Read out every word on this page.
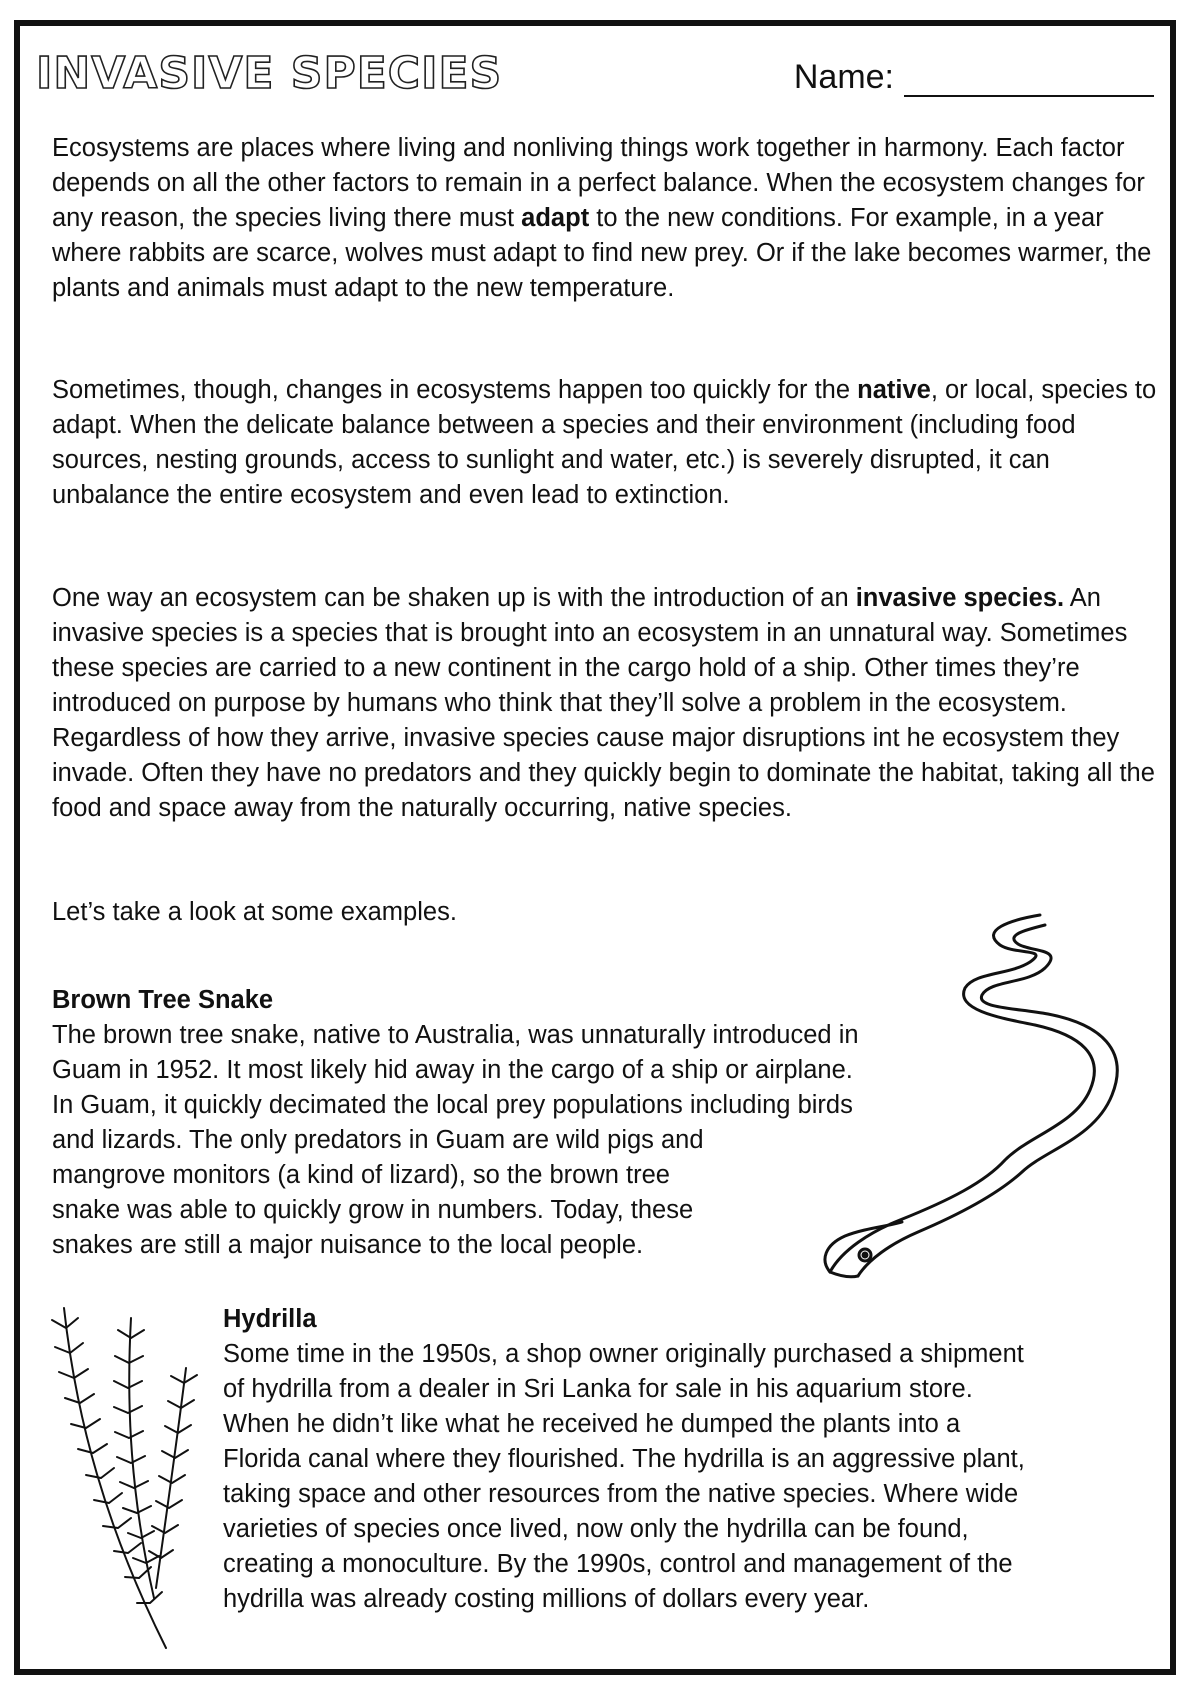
INVASIVE SPECIES	Name:

Ecosystems are places where living and nonliving things work together in harmony. Each factor depends on all the other factors to remain in a perfect balance. When the ecosystem changes for any reason, the species living there must adapt to the new conditions. For example, in a year where rabbits are scarce, wolves must adapt to find new prey. Or if the lake becomes warmer, the plants and animals must adapt to the new temperature.

Sometimes, though, changes in ecosystems happen too quickly for the native, or local, species to adapt. When the delicate balance between a species and their environment (including food sources, nesting grounds, access to sunlight and water, etc.) is severely disrupted, it can unbalance the entire ecosystem and even lead to extinction.

One way an ecosystem can be shaken up is with the introduction of an invasive species. An invasive species is a species that is brought into an ecosystem in an unnatural way. Sometimes these species are carried to a new continent in the cargo hold of a ship. Other times they’re introduced on purpose by humans who think that they’ll solve a problem in the ecosystem. Regardless of how they arrive, invasive species cause major disruptions int he ecosystem they invade. Often they have no predators and they quickly begin to dominate the habitat, taking all the food and space away from the naturally occurring, native species.

Let’s take a look at some examples.

Brown Tree Snake
The brown tree snake, native to Australia, was unnaturally introduced in
Guam in 1952. It most likely hid away in the cargo of a ship or airplane.
In Guam, it quickly decimated the local prey populations including birds
and lizards. The only predators in Guam are wild pigs and
mangrove monitors (a kind of lizard), so the brown tree
snake was able to quickly grow in numbers. Today, these
snakes are still a major nuisance to the local people.
Hydrilla
Some time in the 1950s, a shop owner originally purchased a shipment
of hydrilla from a dealer in Sri Lanka for sale in his aquarium store.
When he didn’t like what he received he dumped the plants into a
Florida canal where they flourished. The hydrilla is an aggressive plant,
taking space and other resources from the native species. Where wide
varieties of species once lived, now only the hydrilla can be found,
creating a monoculture. By the 1990s, control and management of the
hydrilla was already costing millions of dollars every year.
